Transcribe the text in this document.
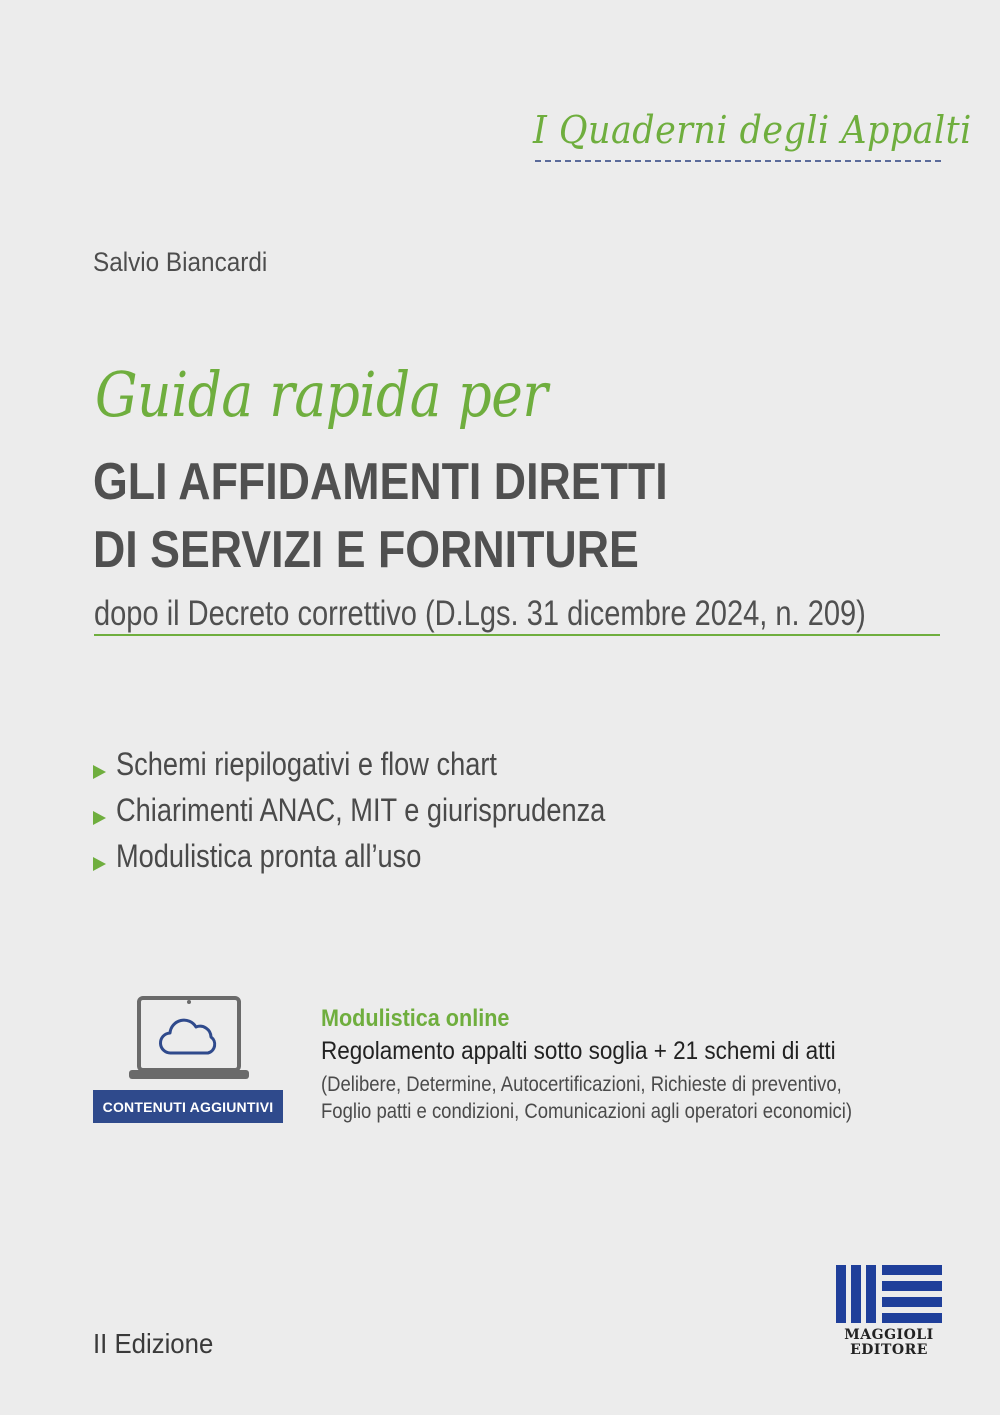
I Quaderni degli Appalti
Salvio Biancardi
Guida rapida per
GLI AFFIDAMENTI DIRETTI
DI SERVIZI E FORNITURE
dopo il Decreto correttivo (D.Lgs. 31 dicembre 2024, n. 209)
Schemi riepilogativi e flow chart
Chiarimenti ANAC, MIT e giurisprudenza
Modulistica pronta all’uso
CONTENUTI AGGIUNTIVI
Modulistica online
Regolamento appalti sotto soglia + 21 schemi di atti
(Delibere, Determine, Autocertificazioni, Richieste di preventivo,
Foglio patti e condizioni, Comunicazioni agli operatori economici)
II Edizione	MAGGIOLI
EDITORE
